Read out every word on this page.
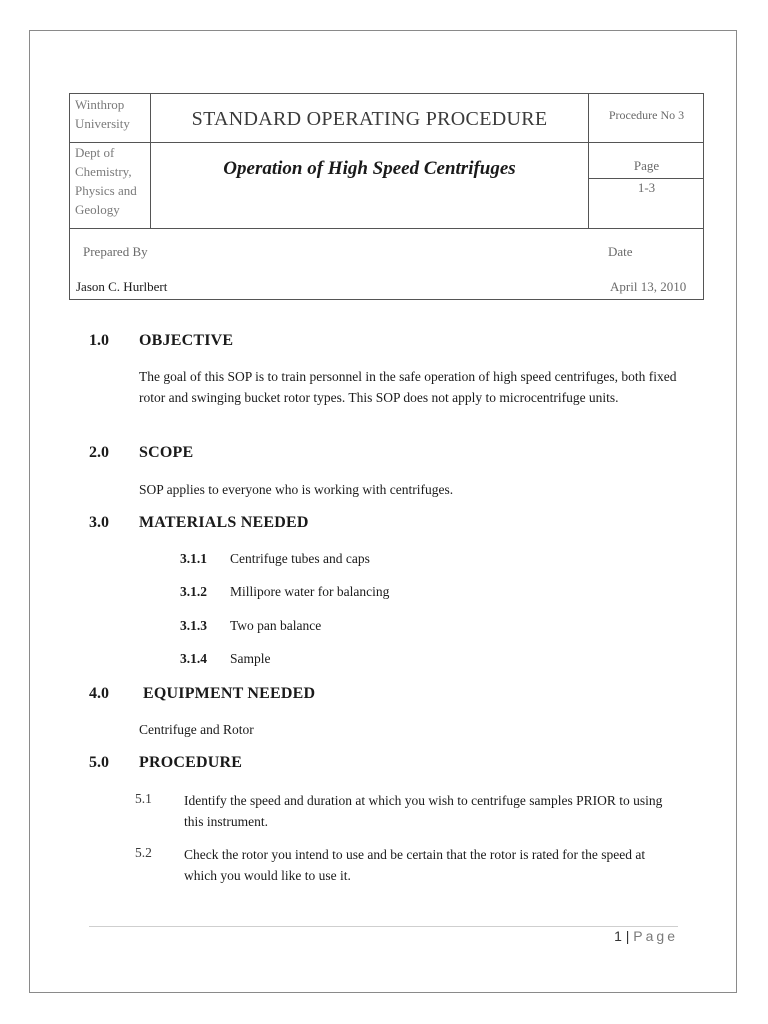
Winthrop University
Dept of Chemistry, Physics and Geology
STANDARD OPERATING PROCEDURE
Operation of High Speed Centrifuges
Procedure No 3
Page
1-3
Prepared By	Date
Jason C. Hurlbert	April 13, 2010
1.0 OBJECTIVE
The goal of this SOP is to train personnel in the safe operation of high speed centrifuges, both fixed rotor and swinging bucket rotor types. This SOP does not apply to microcentrifuge units.
2.0 SCOPE
SOP applies to everyone who is working with centrifuges.
3.0 MATERIALS NEEDED
3.1.1 Centrifuge tubes and caps
3.1.2 Millipore water for balancing
3.1.3 Two pan balance
3.1.4 Sample
4.0 EQUIPMENT NEEDED
Centrifuge and Rotor
5.0 PROCEDURE
5.1 Identify the speed and duration at which you wish to centrifuge samples PRIOR to using this instrument.
5.2 Check the rotor you intend to use and be certain that the rotor is rated for the speed at which you would like to use it.
1 | Page
